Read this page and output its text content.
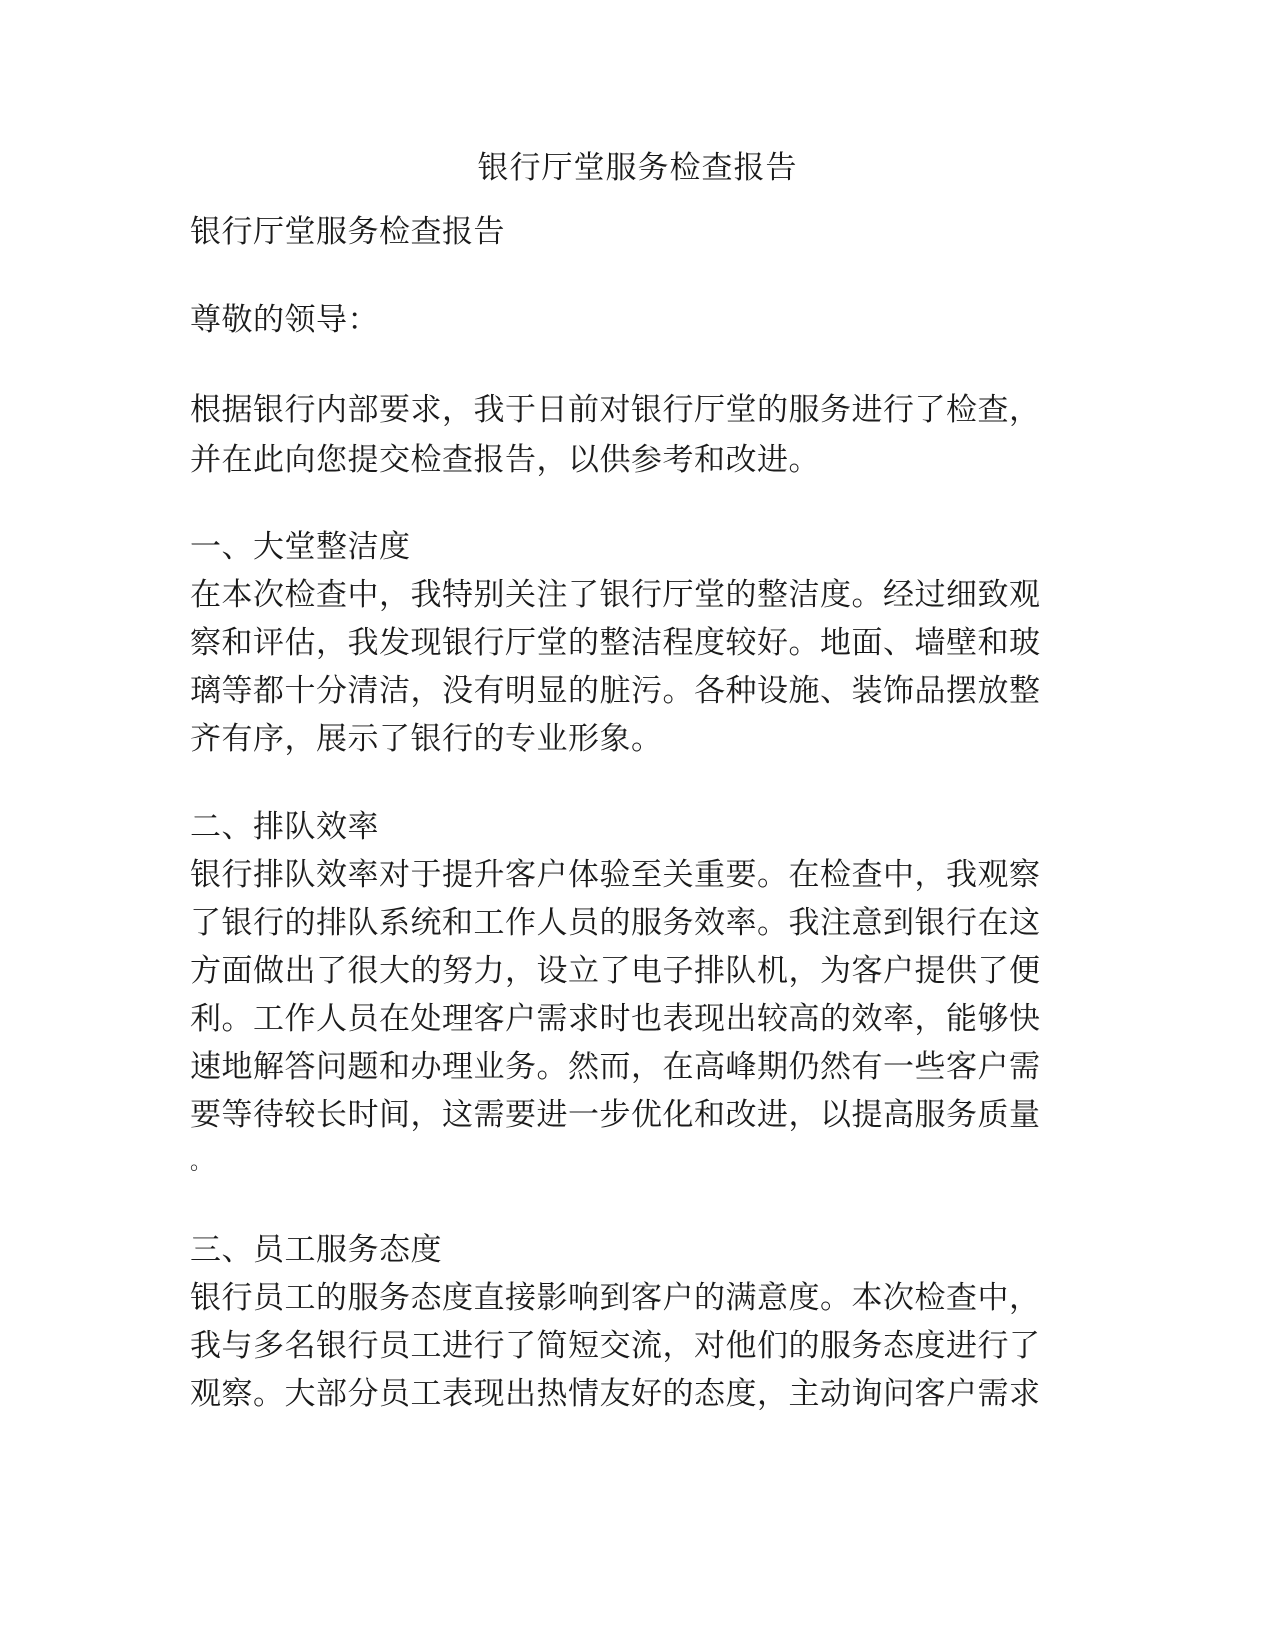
银行厅堂服务检查报告
银行厅堂服务检查报告
尊敬的领导：
根据银行内部要求，我于日前对银行厅堂的服务进行了检查，
并在此向您提交检查报告，以供参考和改进。
一、大堂整洁度
在本次检查中，我特别关注了银行厅堂的整洁度。经过细致观
察和评估，我发现银行厅堂的整洁程度较好。地面、墙壁和玻
璃等都十分清洁，没有明显的脏污。各种设施、装饰品摆放整
齐有序，展示了银行的专业形象。
二、排队效率
银行排队效率对于提升客户体验至关重要。在检查中，我观察
了银行的排队系统和工作人员的服务效率。我注意到银行在这
方面做出了很大的努力，设立了电子排队机，为客户提供了便
利。工作人员在处理客户需求时也表现出较高的效率，能够快
速地解答问题和办理业务。然而，在高峰期仍然有一些客户需
要等待较长时间，这需要进一步优化和改进，以提高服务质量
。
三、员工服务态度
银行员工的服务态度直接影响到客户的满意度。本次检查中，
我与多名银行员工进行了简短交流，对他们的服务态度进行了
观察。大部分员工表现出热情友好的态度，主动询问客户需求
